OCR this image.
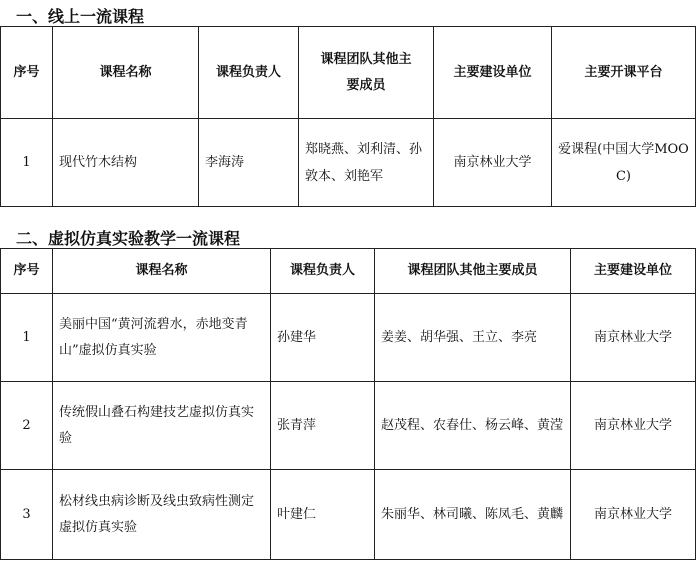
一、线上一流课程
序号	课程名称	课程负责人	课程团队其他主要成员	主要建设单位	主要开课平台
1	现代竹木结构	李海涛	郑晓燕、刘利清、孙敦本、刘艳军	南京林业大学	爱课程(中国大学MOOC)
二、虚拟仿真实验教学一流课程
序号	课程名称	课程负责人	课程团队其他主要成员	主要建设单位
1	美丽中国“黄河流碧水，赤地变青山”虚拟仿真实验	孙建华	姜姜、胡华强、王立、李亮	南京林业大学
2	传统假山叠石构建技艺虚拟仿真实验	张青萍	赵茂程、农春仕、杨云峰、黄滢	南京林业大学
3	松材线虫病诊断及线虫致病性测定虚拟仿真实验	叶建仁	朱丽华、林司曦、陈凤毛、黄麟	南京林业大学
